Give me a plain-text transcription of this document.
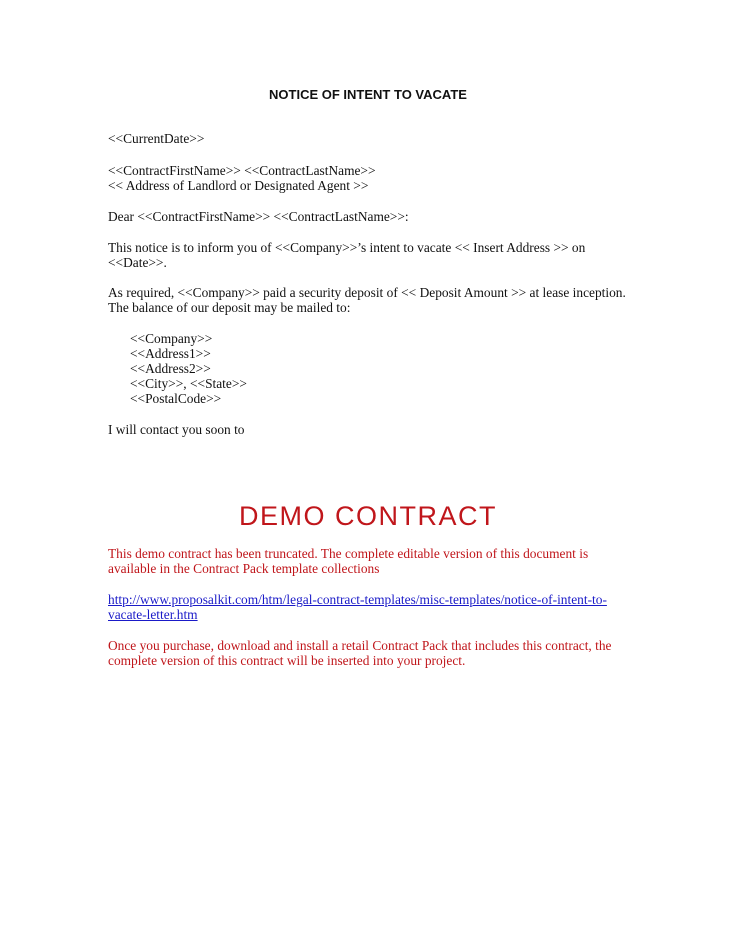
NOTICE OF INTENT TO VACATE
<<CurrentDate>>
<<ContractFirstName>> <<ContractLastName>>
<< Address of Landlord or Designated Agent >>
Dear <<ContractFirstName>> <<ContractLastName>>:
This notice is to inform you of <<Company>>’s intent to vacate << Insert Address >> on
<<Date>>.
As required, <<Company>> paid a security deposit of << Deposit Amount >> at lease inception.
The balance of our deposit may be mailed to:
<<Company>>
<<Address1>>
<<Address2>>
<<City>>, <<State>>
<<PostalCode>>
I will contact you soon to
DEMO CONTRACT
This demo contract has been truncated. The complete editable version of this document is
available in the Contract Pack template collections
http://www.proposalkit.com/htm/legal-contract-templates/misc-templates/notice-of-intent-to-
vacate-letter.htm
Once you purchase, download and install a retail Contract Pack that includes this contract, the
complete version of this contract will be inserted into your project.
